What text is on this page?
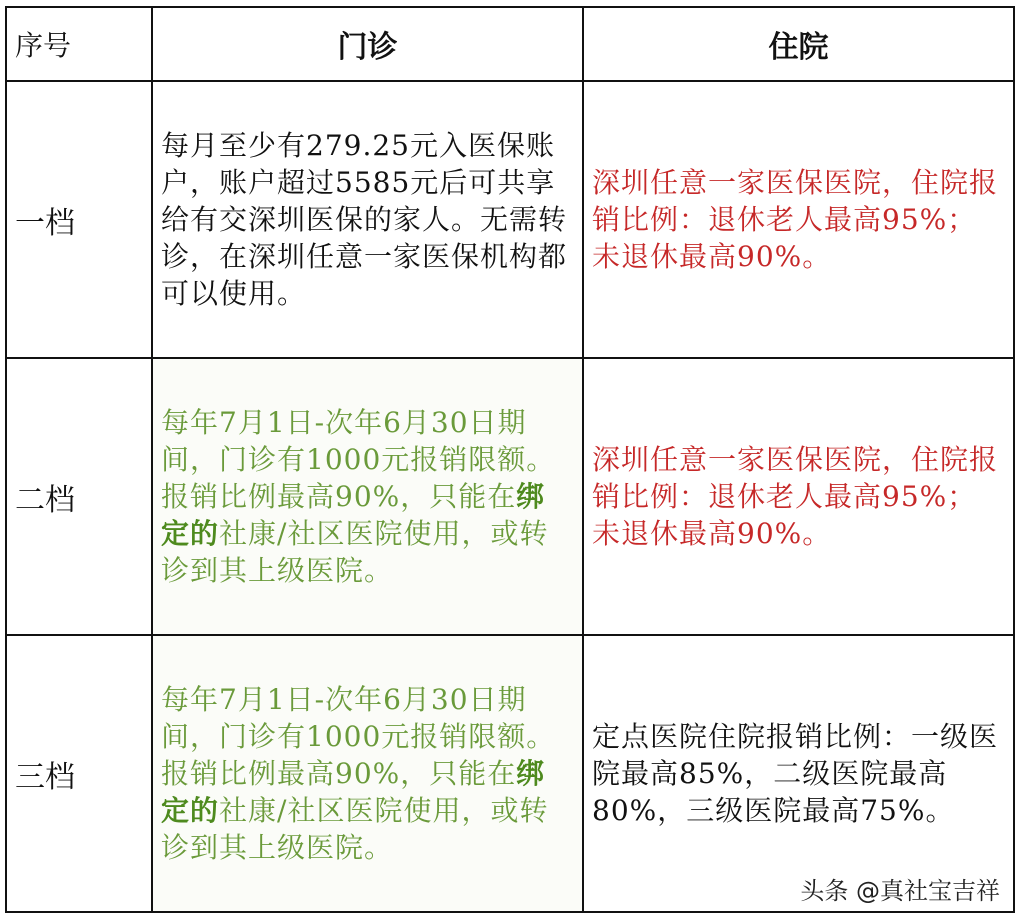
序号	门诊	住院
一档	每月至少有279.25元入医保账户，账户超过5585元后可共享给有交深圳医保的家人。无需转诊，在深圳任意一家医保机构都可以使用。	深圳任意一家医保医院，住院报销比例：退休老人最高95%；未退休最高90%。

二档	每年7月1日-次年6月30日期间，门诊有1000元报销限额。报销比例最高90%，只能在绑定的社康/社区医院使用，或转诊到其上级医院。	深圳任意一家医保医院，住院报销比例：退休老人最高95%；未退休最高90%。

三档	每年7月1日-次年6月30日期间，门诊有1000元报销限额。报销比例最高90%，只能在绑定的社康/社区医院使用，或转诊到其上级医院。	定点医院住院报销比例：一级医院最高85%，二级医院最高80%，三级医院最高75%。
头条 @真社宝吉祥
